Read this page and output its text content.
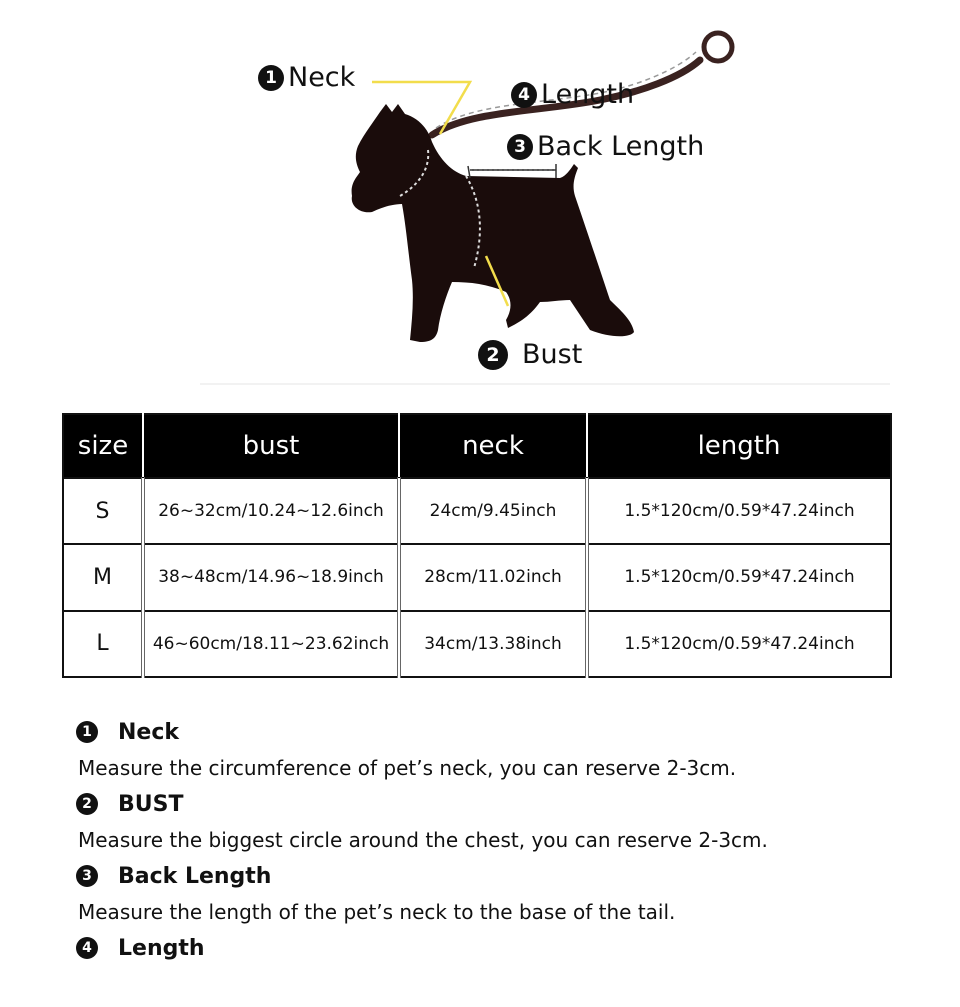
1 Neck
4 Length
3 Back Length
2 Bust
size	bust	neck	length
S	26~32cm/10.24~12.6inch	24cm/9.45inch	1.5*120cm/0.59*47.24inch
M	38~48cm/14.96~18.9inch	28cm/11.02inch	1.5*120cm/0.59*47.24inch
L	46~60cm/18.11~23.62inch	34cm/13.38inch	1.5*120cm/0.59*47.24inch
1 Neck
Measure the circumference of pet’s neck, you can reserve 2-3cm.
2 BUST
Measure the biggest circle around the chest, you can reserve 2-3cm.
3 Back Length
Measure the length of the pet’s neck to the base of the tail.
4 Length
